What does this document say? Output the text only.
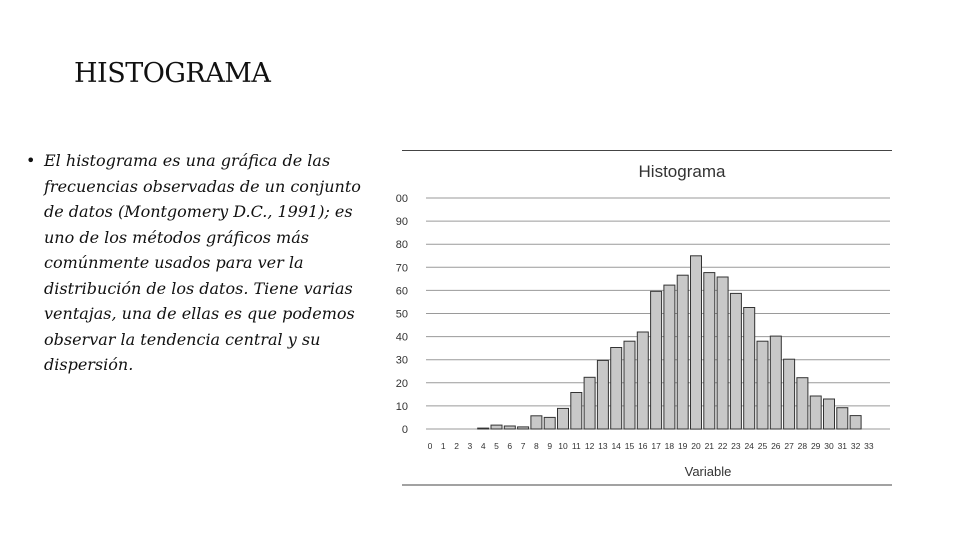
HISTOGRAMA
• El histograma es una gráfica de las
frecuencias observadas de un conjunto
de datos (Montgomery D.C., 1991); es
uno de los métodos gráficos más
comúnmente usados para ver la
distribución de los datos. Tiene varias
ventajas, una de ellas es que podemos
observar la tendencia central y su
dispersión.
Histograma
0
10
20
30
40
50
60
70
80
90
00
0 1 2 3 4 5 6 7 8 9 10 11 12 13 14 15 16 17 18 19 20 21 22 23 24 25 26 27 28 29 30 31 32 33
Variable
